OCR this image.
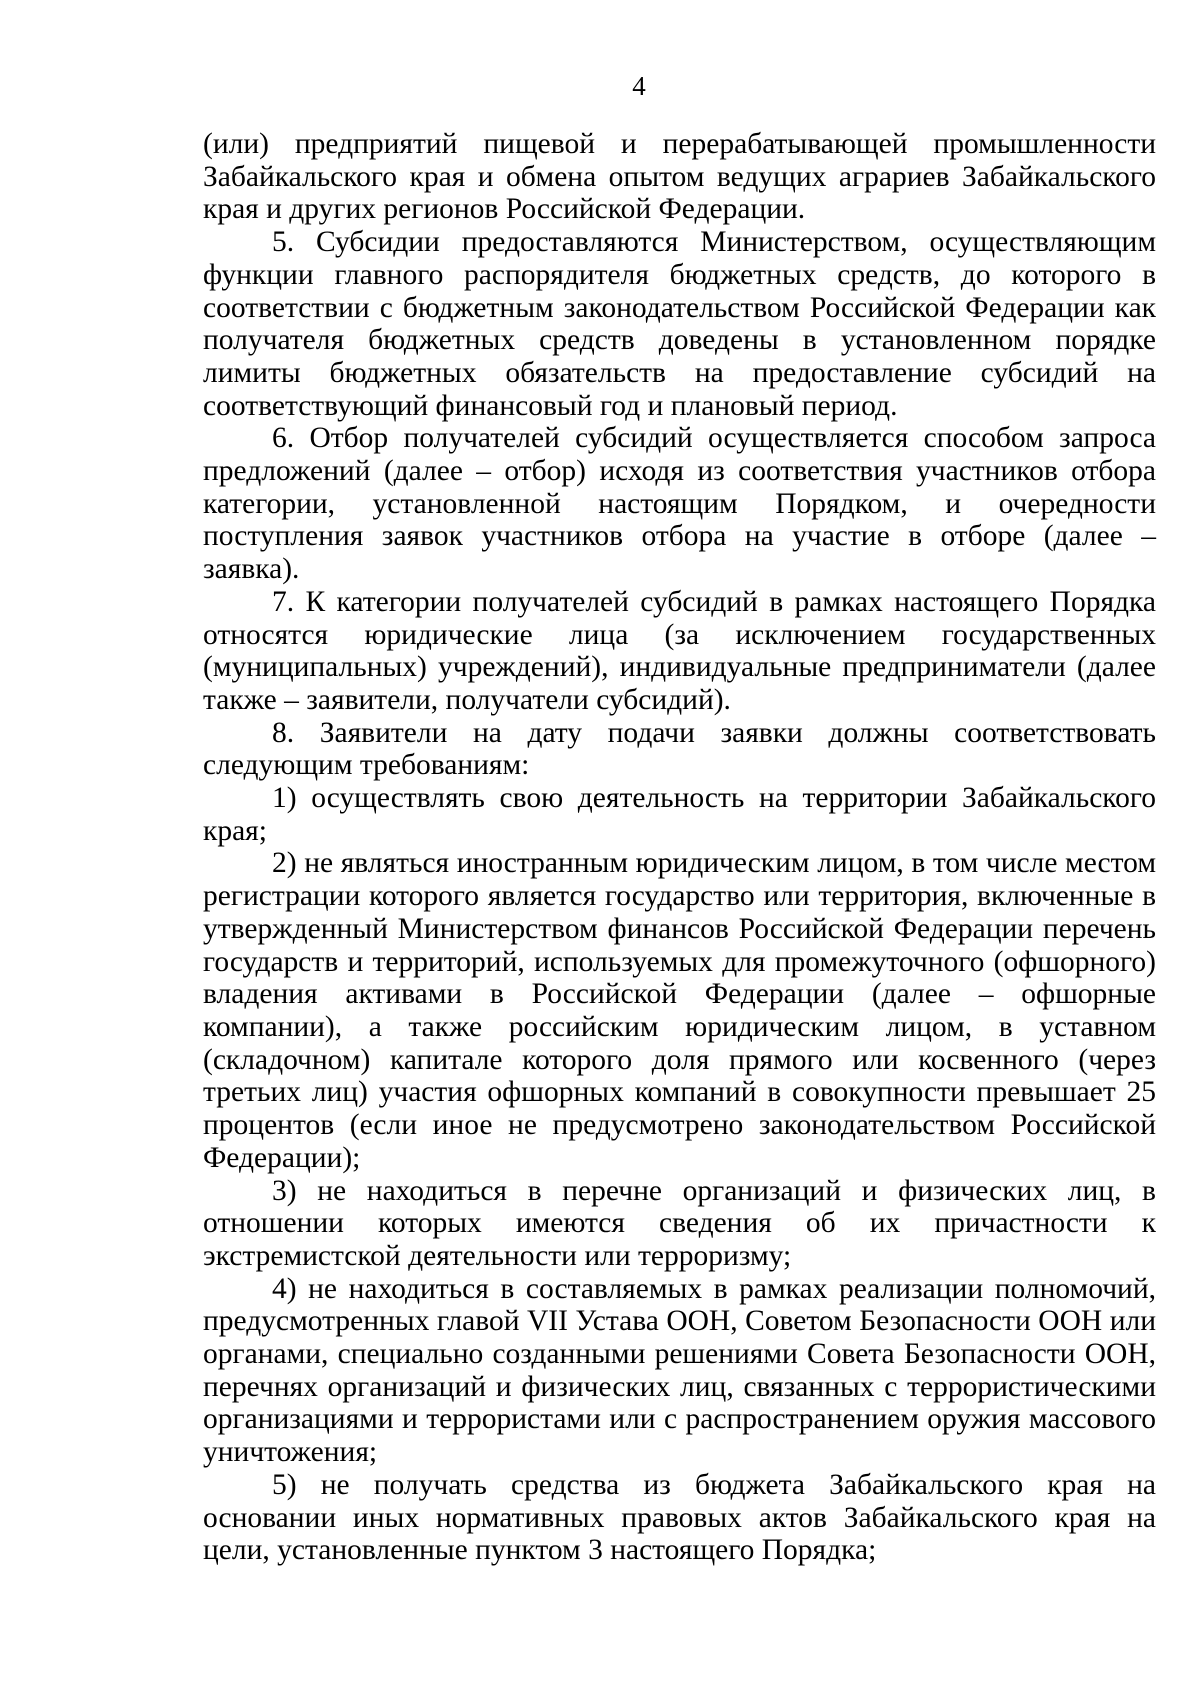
4

(или) предприятий пищевой и перерабатывающей промышленности Забайкальского края и обмена опытом ведущих аграриев Забайкальского края и других регионов Российской Федерации.

5. Субсидии предоставляются Министерством, осуществляющим функции главного распорядителя бюджетных средств, до которого в соответствии с бюджетным законодательством Российской Федерации как получателя бюджетных средств доведены в установленном порядке лимиты бюджетных обязательств на предоставление субсидий на соответствующий финансовый год и плановый период.

6. Отбор получателей субсидий осуществляется способом запроса предложений (далее – отбор) исходя из соответствия участников отбора категории, установленной настоящим Порядком, и очередности поступления заявок участников отбора на участие в отборе (далее – заявка).

7. К категории получателей субсидий в рамках настоящего Порядка относятся юридические лица (за исключением государственных (муниципальных) учреждений), индивидуальные предприниматели (далее также – заявители, получатели субсидий).

8. Заявители на дату подачи заявки должны соответствовать следующим требованиям:

1) осуществлять свою деятельность на территории Забайкальского края;

2) не являться иностранным юридическим лицом, в том числе местом регистрации которого является государство или территория, включенные в утвержденный Министерством финансов Российской Федерации перечень государств и территорий, используемых для промежуточного (офшорного) владения активами в Российской Федерации (далее – офшорные компании), а также российским юридическим лицом, в уставном (складочном) капитале которого доля прямого или косвенного (через третьих лиц) участия офшорных компаний в совокупности превышает 25 процентов (если иное не предусмотрено законодательством Российской Федерации);

3) не находиться в перечне организаций и физических лиц, в отношении которых имеются сведения об их причастности к экстремистской деятельности или терроризму;

4) не находиться в составляемых в рамках реализации полномочий, предусмотренных главой VII Устава ООН, Советом Безопасности ООН или органами, специально созданными решениями Совета Безопасности ООН, перечнях организаций и физических лиц, связанных с террористическими организациями и террористами или с распространением оружия массового уничтожения;

5) не получать средства из бюджета Забайкальского края на основании иных нормативных правовых актов Забайкальского края на цели, установленные пунктом 3 настоящего Порядка;
